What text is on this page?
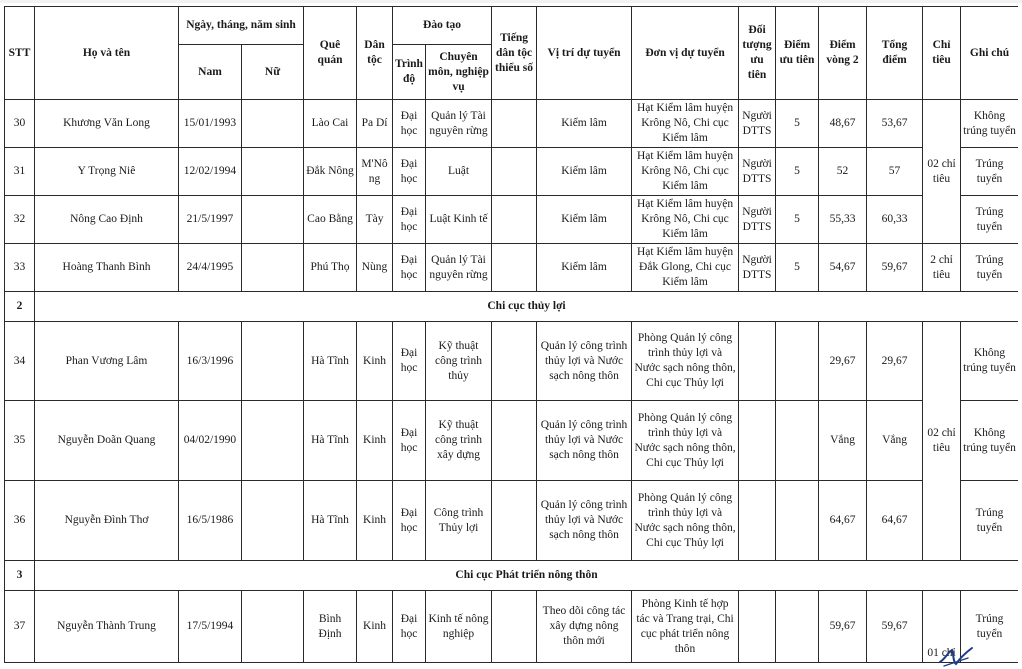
STT	Họ và tên	Ngày, tháng, năm sinh		Quê quán	Dân tộc	Đào tạo		Tiếng dân tộc thiểu số	Vị trí dự tuyển	Đơn vị dự tuyển	Đối tượng ưu tiên	Điểm ưu tiên	Điểm vòng 2	Tổng điểm	Chỉ tiêu	Ghi chú
		Nam	Nữ			Trình độ	Chuyên môn, nghiệp vụ									
30	Khương Văn Long	15/01/1993		Lào Cai	Pa Dí	Đại học	Quản lý Tài nguyên rừng		Kiểm lâm	Hạt Kiểm lâm huyện Krông Nô, Chi cục Kiểm lâm	Người DTTS	5	48,67	53,67	02 chỉ tiêu	Không trúng tuyển
31	Y Trọng Niê	12/02/1994		Đắk Nông	M'Nông	Đại học	Luật		Kiểm lâm	Hạt Kiểm lâm huyện Krông Nô, Chi cục Kiểm lâm	Người DTTS	5	52	57		Trúng tuyển
32	Nông Cao Định	21/5/1997		Cao Bằng	Tày	Đại học	Luật Kinh tế		Kiểm lâm	Hạt Kiểm lâm huyện Krông Nô, Chi cục Kiểm lâm	Người DTTS	5	55,33	60,33		Trúng tuyển
33	Hoàng Thanh Bình	24/4/1995		Phú Thọ	Nùng	Đại học	Quản lý Tài nguyên rừng		Kiểm lâm	Hạt Kiểm lâm huyện Đắk Glong, Chi cục Kiểm lâm	Người DTTS	5	54,67	59,67	2 chỉ tiêu	Trúng tuyển
2	Chi cục thủy lợi															
34	Phan Vương Lâm	16/3/1996		Hà Tĩnh	Kinh	Đại học	Kỹ thuật công trình thủy		Quản lý công trình thủy lợi và Nước sạch nông thôn	Phòng Quản lý công trình thủy lợi và Nước sạch nông thôn, Chi cục Thủy lợi			29,67	29,67	02 chỉ tiêu	Không trúng tuyển
35	Nguyễn Doãn Quang	04/02/1990		Hà Tĩnh	Kinh	Đại học	Kỹ thuật công trình xây dựng		Quản lý công trình thủy lợi và Nước sạch nông thôn	Phòng Quản lý công trình thủy lợi và Nước sạch nông thôn, Chi cục Thủy lợi			Vắng	Vắng		Không trúng tuyển
36	Nguyễn Đình Thơ	16/5/1986		Hà Tĩnh	Kinh	Đại học	Công trình Thủy lợi		Quản lý công trình thủy lợi và Nước sạch nông thôn	Phòng Quản lý công trình thủy lợi và Nước sạch nông thôn, Chi cục Thủy lợi			64,67	64,67		Trúng tuyển
3	Chi cục Phát triển nông thôn															
37	Nguyễn Thành Trung	17/5/1994		Bình Định	Kinh	Đại học	Kinh tế nông nghiệp		Theo dõi công tác xây dựng nông thôn mới	Phòng Kinh tế hợp tác và Trang trại, Chi cục phát triển nông thôn			59,67	59,67	01 chỉ	Trúng tuyển
